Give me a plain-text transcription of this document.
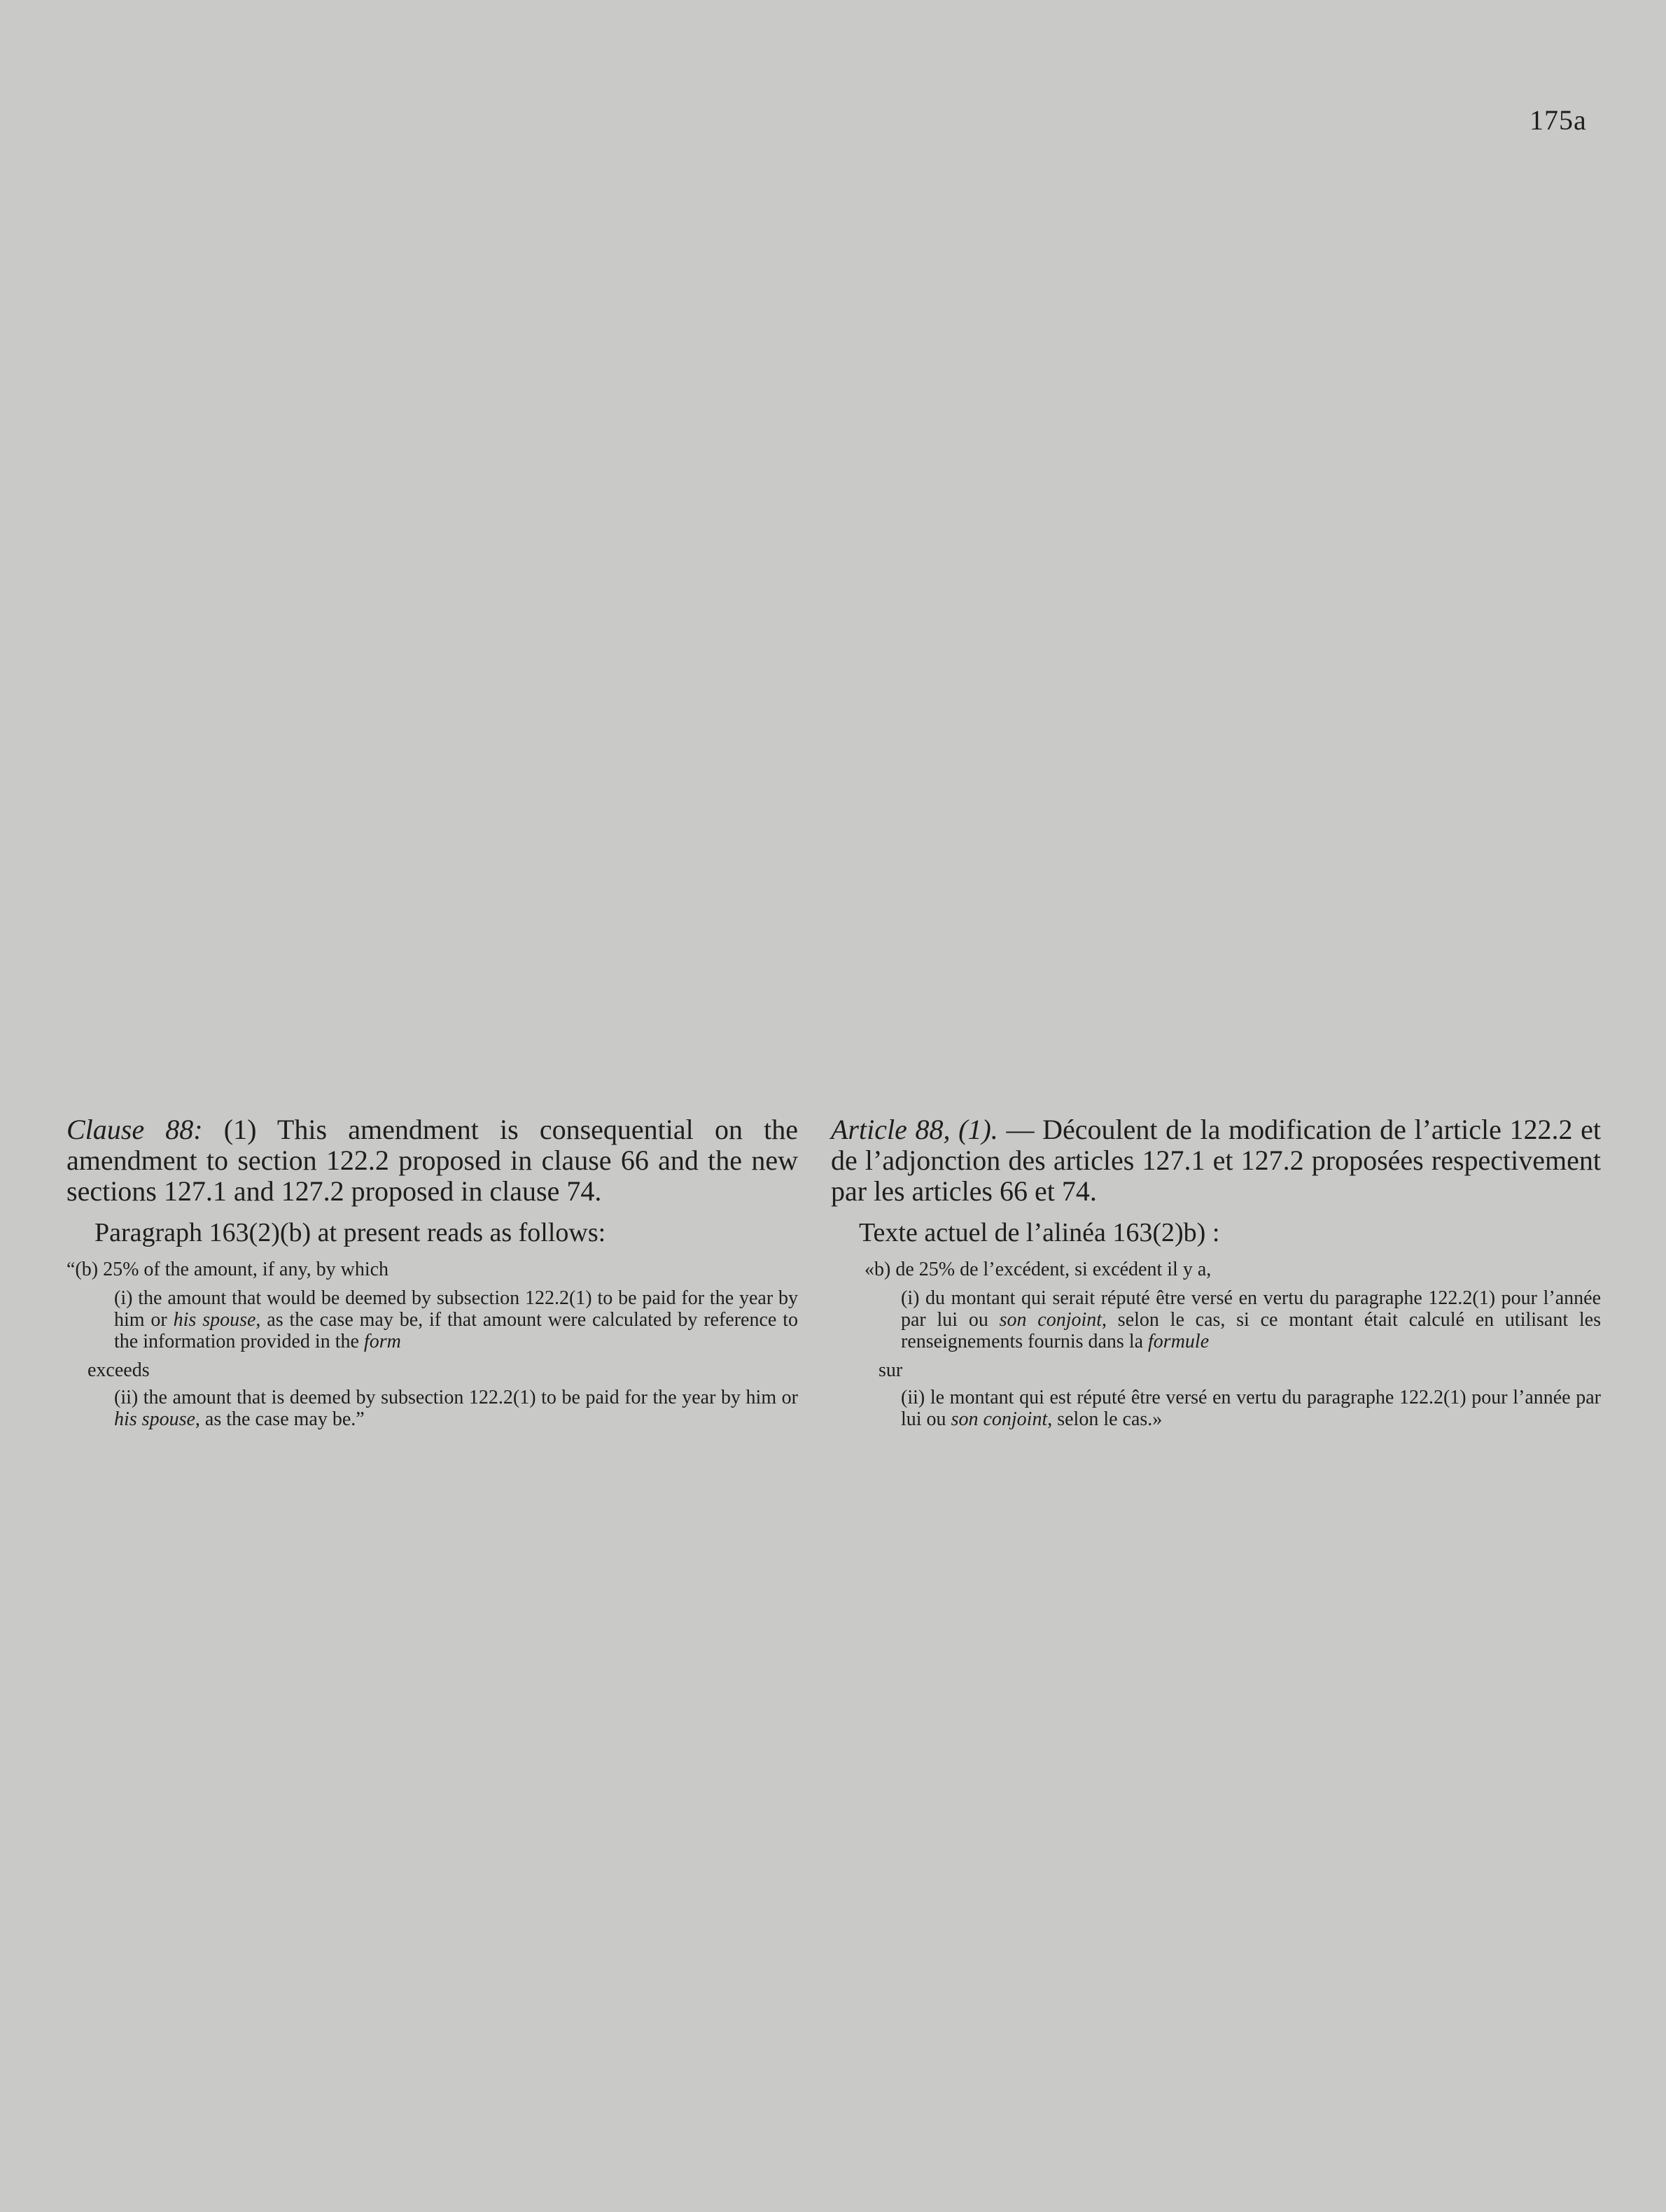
175a

Clause 88: (1) This amendment is consequential on the amendment to section 122.2 proposed in clause 66 and the new sections 127.1 and 127.2 proposed in clause 74.

Paragraph 163(2)(b) at present reads as follows:

“(b) 25% of the amount, if any, by which

(i) the amount that would be deemed by subsection 122.2(1) to be paid for the year by him or his spouse, as the case may be, if that amount were calculated by reference to the information provided in the form

exceeds

(ii) the amount that is deemed by subsection 122.2(1) to be paid for the year by him or his spouse, as the case may be.”

Article 88, (1). — Découlent de la modification de l’article 122.2 et de l’adjonction des articles 127.1 et 127.2 proposées respectivement par les articles 66 et 74.

Texte actuel de l’alinéa 163(2)b) :

«b) de 25% de l’excédent, si excédent il y a,

(i) du montant qui serait réputé être versé en vertu du paragraphe 122.2(1) pour l’année par lui ou son conjoint, selon le cas, si ce montant était calculé en utilisant les renseignements fournis dans la formule

sur

(ii) le montant qui est réputé être versé en vertu du paragraphe 122.2(1) pour l’année par lui ou son conjoint, selon le cas.»
